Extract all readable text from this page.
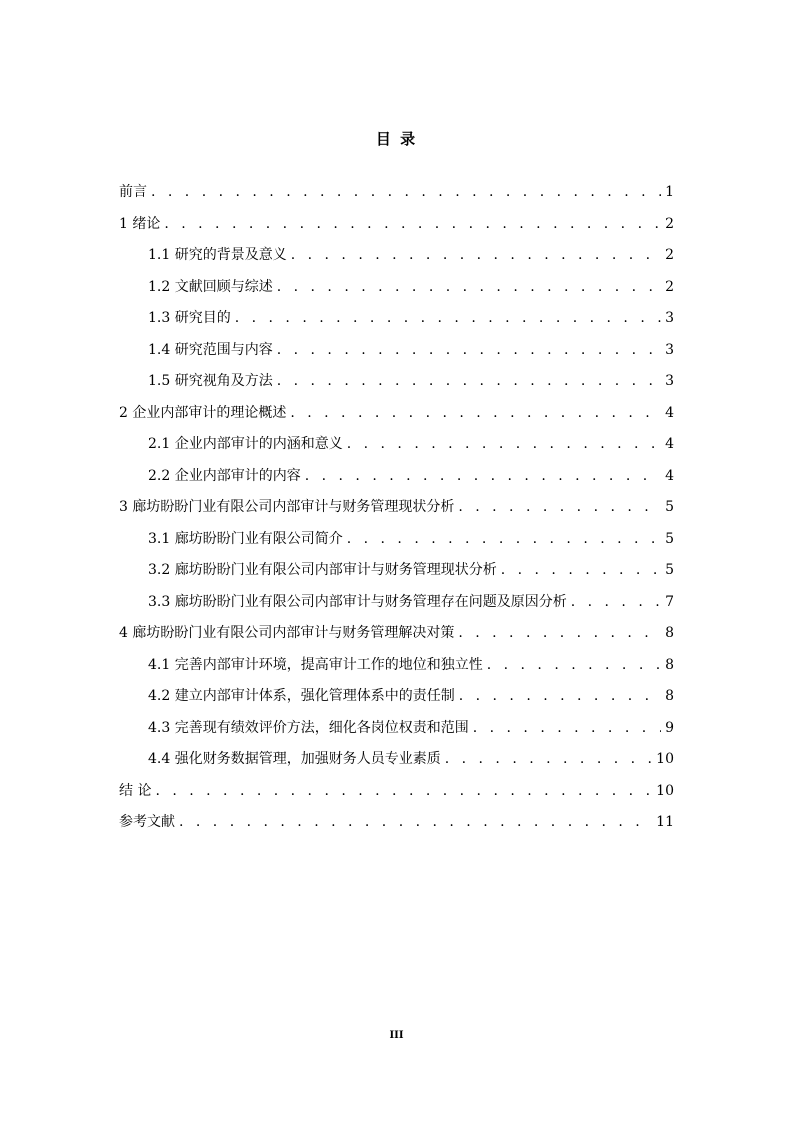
目 录
前言 . . .	1
1 绪论 . . .	2
1.1 研究的背景及意义 . . .	2
1.2 文献回顾与综述 . . .	2
1.3 研究目的 . . .	3
1.4 研究范围与内容 . . .	3
1.5 研究视角及方法 . . .	3
2 企业内部审计的理论概述 . . .	4
2.1 企业内部审计的内涵和意义 . . .	4
2.2 企业内部审计的内容 . . .	4
3 廊坊盼盼门业有限公司内部审计与财务管理现状分析 . . .	5
3.1 廊坊盼盼门业有限公司简介 . . .	5
3.2 廊坊盼盼门业有限公司内部审计与财务管理现状分析 . . .	5
3.3 廊坊盼盼门业有限公司内部审计与财务管理存在问题及原因分析 . . .	7
4 廊坊盼盼门业有限公司内部审计与财务管理解决对策 . . .	8
4.1 完善内部审计环境，提高审计工作的地位和独立性 . . .	8
4.2 建立内部审计体系，强化管理体系中的责任制 . . .	8
4.3 完善现有绩效评价方法，细化各岗位权责和范围 . . .	9
4.4 强化财务数据管理，加强财务人员专业素质 . . .	10
结 论 . . .	10
参考文献 . . .	11
III
